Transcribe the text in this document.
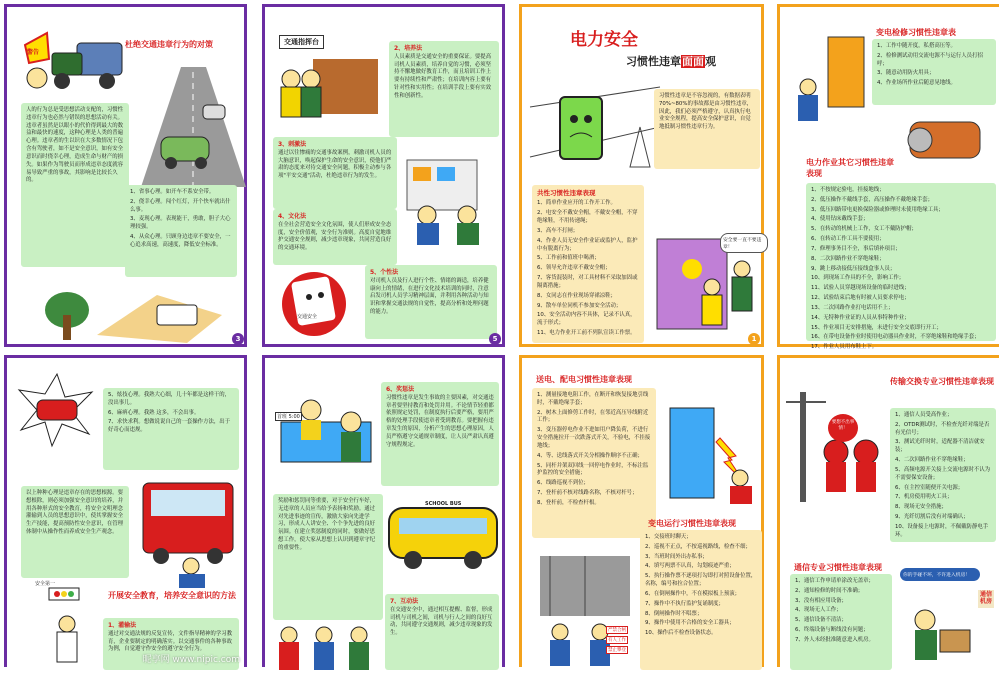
杜绝交通违章行为的对策
警告
人的行为总是受思想活动支配的，习惯性违章行为也必然与错误的思想活动有关。违章者虽然是以眼小的代价得到最大的数益和最快的速度，这种心理是人类的普遍心理。违章者的生以识在大多数情况下包含有驾驶者，如不是安全意识，如有安全意识而时侥幸心理，造成生命与财产的损失。如果作为驾驶员而形成违章态度就容易导致严重的事故，其影响是比较长久的。
1、省事心理。如开车不系安全带。
2、侥幸心理。闯个红灯，开个快车就出什么事。
3、麦现心理。表现能干，勇敢，胆子大心理较强。
4、从众心理。只顾身边违章不要安全，一心追求高速，高速度，降低安全标准。
3
交通指挥台
2、培养法
人员素质是交通安全的重要保证。要提高司机人员素质，培养自觉的习惯，必须坚持不懈地做好教育工作，而且培训工作上要有持续性和严肃性；在培训内容上要有针对性和实用性；在培训手段上要有实效性和创新性。
3、刺激法
通过以往惨痛的交通事故案例，刺激司机人员的大脑意识，唤起保护生命的安全意识，使他们严肃的态度来对待交通安全问题，积极主动参与各项"平安交通"活动，杜绝违章行为的发生。
4、文化法
在全社会营造安全文化氛围，使人们形成安全态度，安全价值观，安全行为准则。高度自觉地维护交通安全规则，减少违章现象，共同营造良好的交通环境。
交通安全
5、个性法
对司机人员及行人进行个性、情绪的调适，培养健康向上的情绪，在进行文化技术培训的同时，注意启发司机人员学习精神层面，并利用各种活动与知识和掌握交通法规的自觉性，提高分析和处理问题的能力。
5
电力安全
习惯性违章面面观
习惯性违章是不容忽视的，有数据表明70%~80%的事故都是由习惯性违章，因此，我们必须严格遵守，认真执行电业安全规程，提高安全保护意识，自觉地抵制习惯性违章行为。
共性习惯性违章表现
1、简单作业应开的工作开工作。
2、电安全不戴安全帽，不戴安全帽，不穿绝缘鞋，不用传递绳；
3、高车不打闸；
4、作业人员无安全作业证或监护人，监护中有脱离行为；
5、工作前和值班中喝酒；
6、领导允许违章不戴安全帽；
7、客货混装时，对工具材料不采取加固或隔离措施；
8、女同志在作业现场穿裙凉鞋；
9、散车单位同机不参加安全活动；
10、安全活动内容不具体，记录不认真，流于形式；
11、电力作业开工前不列队宣读工作票。
安全要一直不要违章！
1
变电检修习惯性违章表
1、工作中随开度，私搭高压等。
2、检修测试动用交流电源不与运行人员打招呼；
3、随意动用防火用具；
4、作业场所作业后随意晃地线。
电力作业其它习惯性违章表现
1、不按规定验电，挂接地线；
2、低压操作不戴线手套，高压操作不戴绝缘手套；
3、低压回路带电更换保险器或修理时未使用绝缘工具；
4、使用钻床戴线手套；
5、在转动的机械上工作，女工不戴防护帽；
6、在转动工作工具不要使用；
7、修理事务目不全，事后填补项目；
8、二次回路作业不穿绝缘鞋；
9、跳上移动接低压接线盒事人员；
10、到现场工作具的不全，影响工作；
11、试验人员穿越现场设备的临时进线；
12、试验结束后地有时被人员要求停电；
13、二次回路作业打电话用不上；
14、无特种作业证的人员从事特种作业；
15、作业项目无安排措施，未进行安全交底即行开工；
16、在带电设备作业时使用电动器具作业时，不穿绝缘鞋和绝缘手套；
17、作业人员用布鞋上下。
5、炫技心理。我熟大心细，几十年都是这样干的，没出事儿。
6、麻痹心理。我熟 这多，不会出事。
7、求快求利。想做说说自己的一套操作方法，出于好奇心而违规。
以上种种心理是违章存在的思想根源。要想根除，则必须加强安全意识的培养，并用各种形式的安全教育，将安全文明理念灌输到人员的思想意识中，使其掌握安全生产技能，提高预防性安全意识，在管理体制中从操作性而养成安全生产观念。
安全第一
开展安全教育，培养安全意识的方法
1、灌输法
通过对交通法规的反复宣传，文件指导精神的学习教育，企业要制定的明确落实。以交通事件的各种事故为例，自觉遵守作安全的遵守安全行为。
昵享网 www.nipic.com
首班 5:00
6、奖惩法
习惯性违章是发生事故的主要因素，对交通违章者要坚持教育和处罚并用。不论情节轻重都依照规定处罚，在制度执行后要严格，要用严格的处理手段使违章者受到教育。要把握有违章发生的原因，分析产生的思想心理原因，人员严格遵守交通规章制度，让人员严肃认真遵守规程规定。
奖励和惩罚同等重要，对于安全行车好，无违章的人员应当给予表扬和奖励。通过对先进事迹的宣传，激励大家向先进学习，形成人人讲安全、个个争先进的良好氛围。在建立奖惩制度的同时，要做好思想工作，使大家从思想上认识到遵章守纪的重要性。
SCHOOL BUS
7、互动法
在交通安全中，通过相互提醒、监督，形成司机与司机之间，司机与行人之间的良好互动，共同遵守交通规则，减少违章现象的发生。
送电、配电习惯性违章表现
1、测量接地电阻工作，在断开和恢复接地引线时，不戴绝缘手套；
2、树木上面修剪工作时，在邻近高压导线附近工作；
3、变压器停电作业不进如用户降负荷，不进行安全措施拉开一次跌落式开关，不验电，不挂接地线；
4、等、送线落式开关分相操作顺序不正确；
5、同杆并架双回线一回停电作业时，不标注监护监控的安全措施；
6、线路巡视不到位；
7、登杆前不核对线路名称，不核对杆号；
8、登杆前，不检查杆根。
变电运行习惯性违章表现
严禁合闸
有人工作
禁止攀登
1、交接班时聊天；
2、巡视不正点，不按巡视路线，检查不细；
3、当班时间外出办私事；
4、填写两票不认真，勾划痕迹严重；
5、执行操作票不逐项打勾即打对照设备位置，名称，编号和拉合位置；
6、在倒闸操作中，不在模拟板上预演；
7、操作中不执行监护复诵制度；
8、倒闸操作时不唱票；
9、操作中使用不合格的安全工器具；
10、操作后不检查设备状态。
传输交换专业习惯性违章表现
要想不出事情！
1、通信人员受高作业；
2、OTDR测试时，不检查光纤对端是否有光信号；
3、测试光纤时时，适配器不清洁就安装；
4、二次回路作业不穿绝缘鞋；
5、高频电源开关接上交流电源时不认为不需要保安设备；
6、在主控室随便开关电源；
7、机房使用明火工具；
8、现场无安全措施；
9、光纤切割后没有对端确认；
10、设备接上电源时，不佩戴防静电手环。
通信专业习惯性违章表现
1、通信工作申请单涂改无盖章；
2、通知检修的时间不准确；
3、没有相应用设备；
4、现场无人工作；
5、通信设备不清洁；
6、终端设备与断线没有问题；
7、外人未经批准随意进入机房。
你的手碰不坏，不许进入机房！
通信机房
